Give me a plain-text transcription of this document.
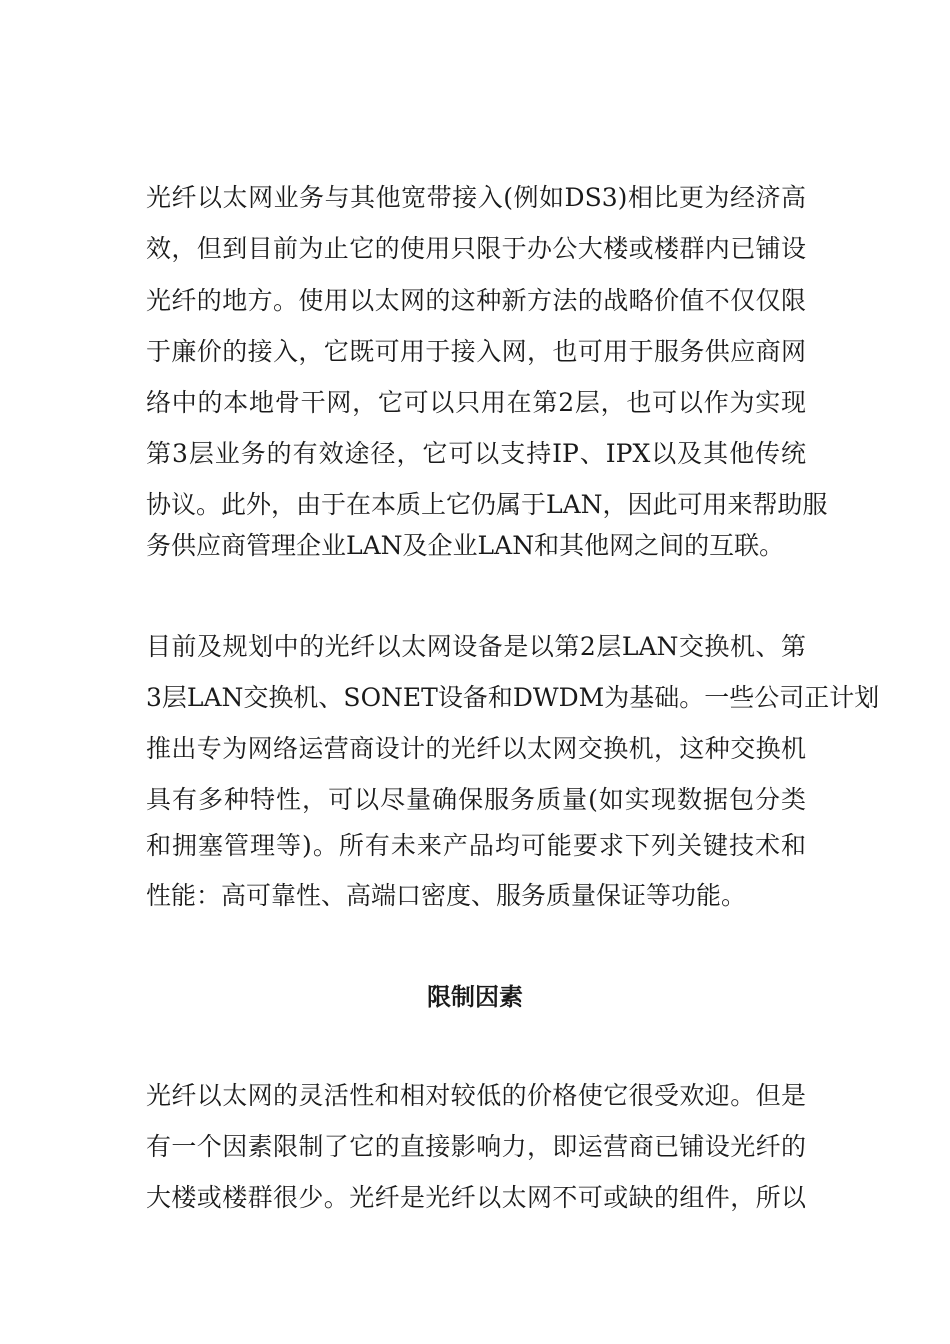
光纤以太网业务与其他宽带接入(例如DS3)相比更为经济高
效，但到目前为止它的使用只限于办公大楼或楼群内已铺设
光纤的地方。使用以太网的这种新方法的战略价值不仅仅限
于廉价的接入，它既可用于接入网，也可用于服务供应商网
络中的本地骨干网，它可以只用在第2层，也可以作为实现
第3层业务的有效途径，它可以支持IP、IPX以及其他传统
协议。此外，由于在本质上它仍属于LAN，因此可用来帮助服
务供应商管理企业LAN及企业LAN和其他网之间的互联。
目前及规划中的光纤以太网设备是以第2层LAN交换机、第
3层LAN交换机、SONET设备和DWDM为基础。一些公司正计划
推出专为网络运营商设计的光纤以太网交换机，这种交换机
具有多种特性，可以尽量确保服务质量(如实现数据包分类
和拥塞管理等)。所有未来产品均可能要求下列关键技术和
性能：高可靠性、高端口密度、服务质量保证等功能。
限制因素
光纤以太网的灵活性和相对较低的价格使它很受欢迎。但是
有一个因素限制了它的直接影响力，即运营商已铺设光纤的
大楼或楼群很少。光纤是光纤以太网不可或缺的组件，所以
